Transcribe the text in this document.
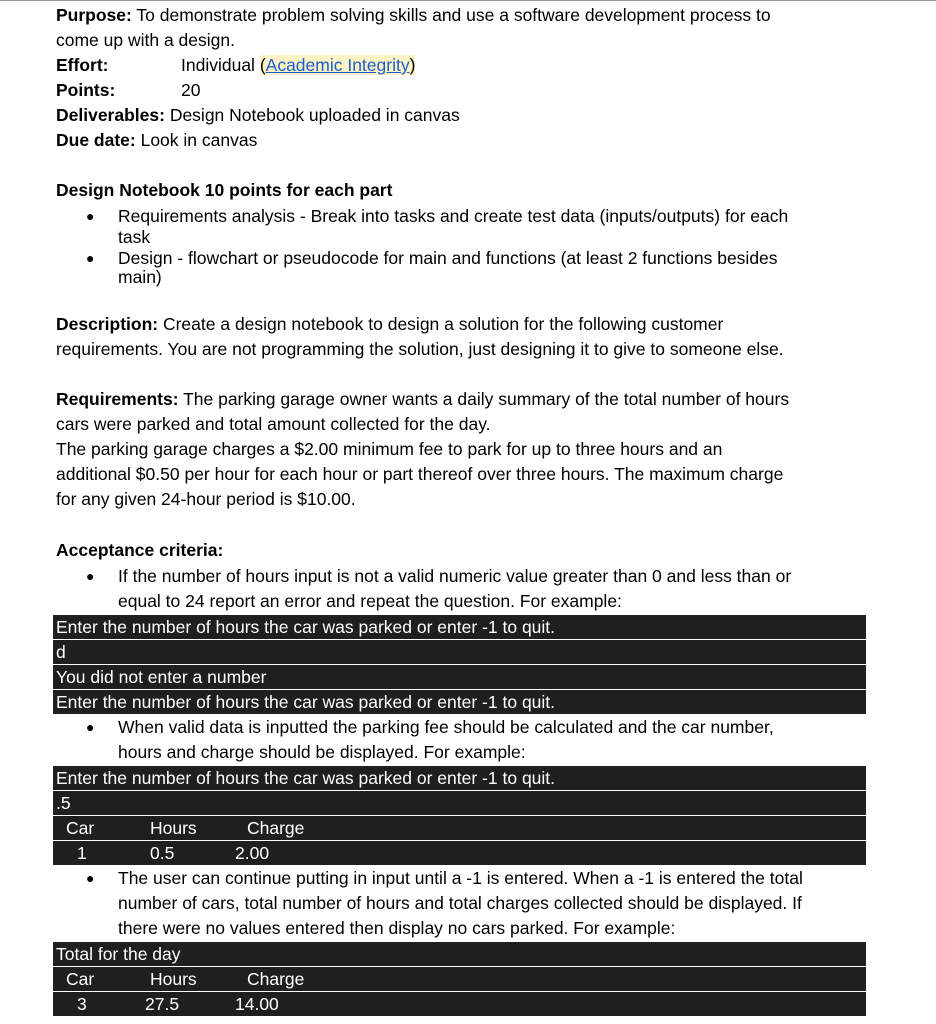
Purpose: To demonstrate problem solving skills and use a software development process to
come up with a design.
Effort:	Individual (Academic Integrity)
Points:	20
Deliverables: Design Notebook uploaded in canvas
Due date: Look in canvas
Design Notebook 10 points for each part
● Requirements analysis - Break into tasks and create test data (inputs/outputs) for each
task
● Design - flowchart or pseudocode for main and functions (at least 2 functions besides
main)
Description: Create a design notebook to design a solution for the following customer
requirements. You are not programming the solution, just designing it to give to someone else.
Requirements: The parking garage owner wants a daily summary of the total number of hours
cars were parked and total amount collected for the day.
The parking garage charges a $2.00 minimum fee to park for up to three hours and an
additional $0.50 per hour for each hour or part thereof over three hours. The maximum charge
for any given 24-hour period is $10.00.
Acceptance criteria:
● If the number of hours input is not a valid numeric value greater than 0 and less than or
equal to 24 report an error and repeat the question. For example:
Enter the number of hours the car was parked or enter -1 to quit.
d
You did not enter a number
Enter the number of hours the car was parked or enter -1 to quit.
● When valid data is inputted the parking fee should be calculated and the car number,
hours and charge should be displayed. For example:
Enter the number of hours the car was parked or enter -1 to quit.
.5
Car	Hours	Charge
1	0.5	2.00
● The user can continue putting in input until a -1 is entered. When a -1 is entered the total
number of cars, total number of hours and total charges collected should be displayed. If
there were no values entered then display no cars parked. For example:
Total for the day
Car	Hours	Charge
3	27.5	14.00
